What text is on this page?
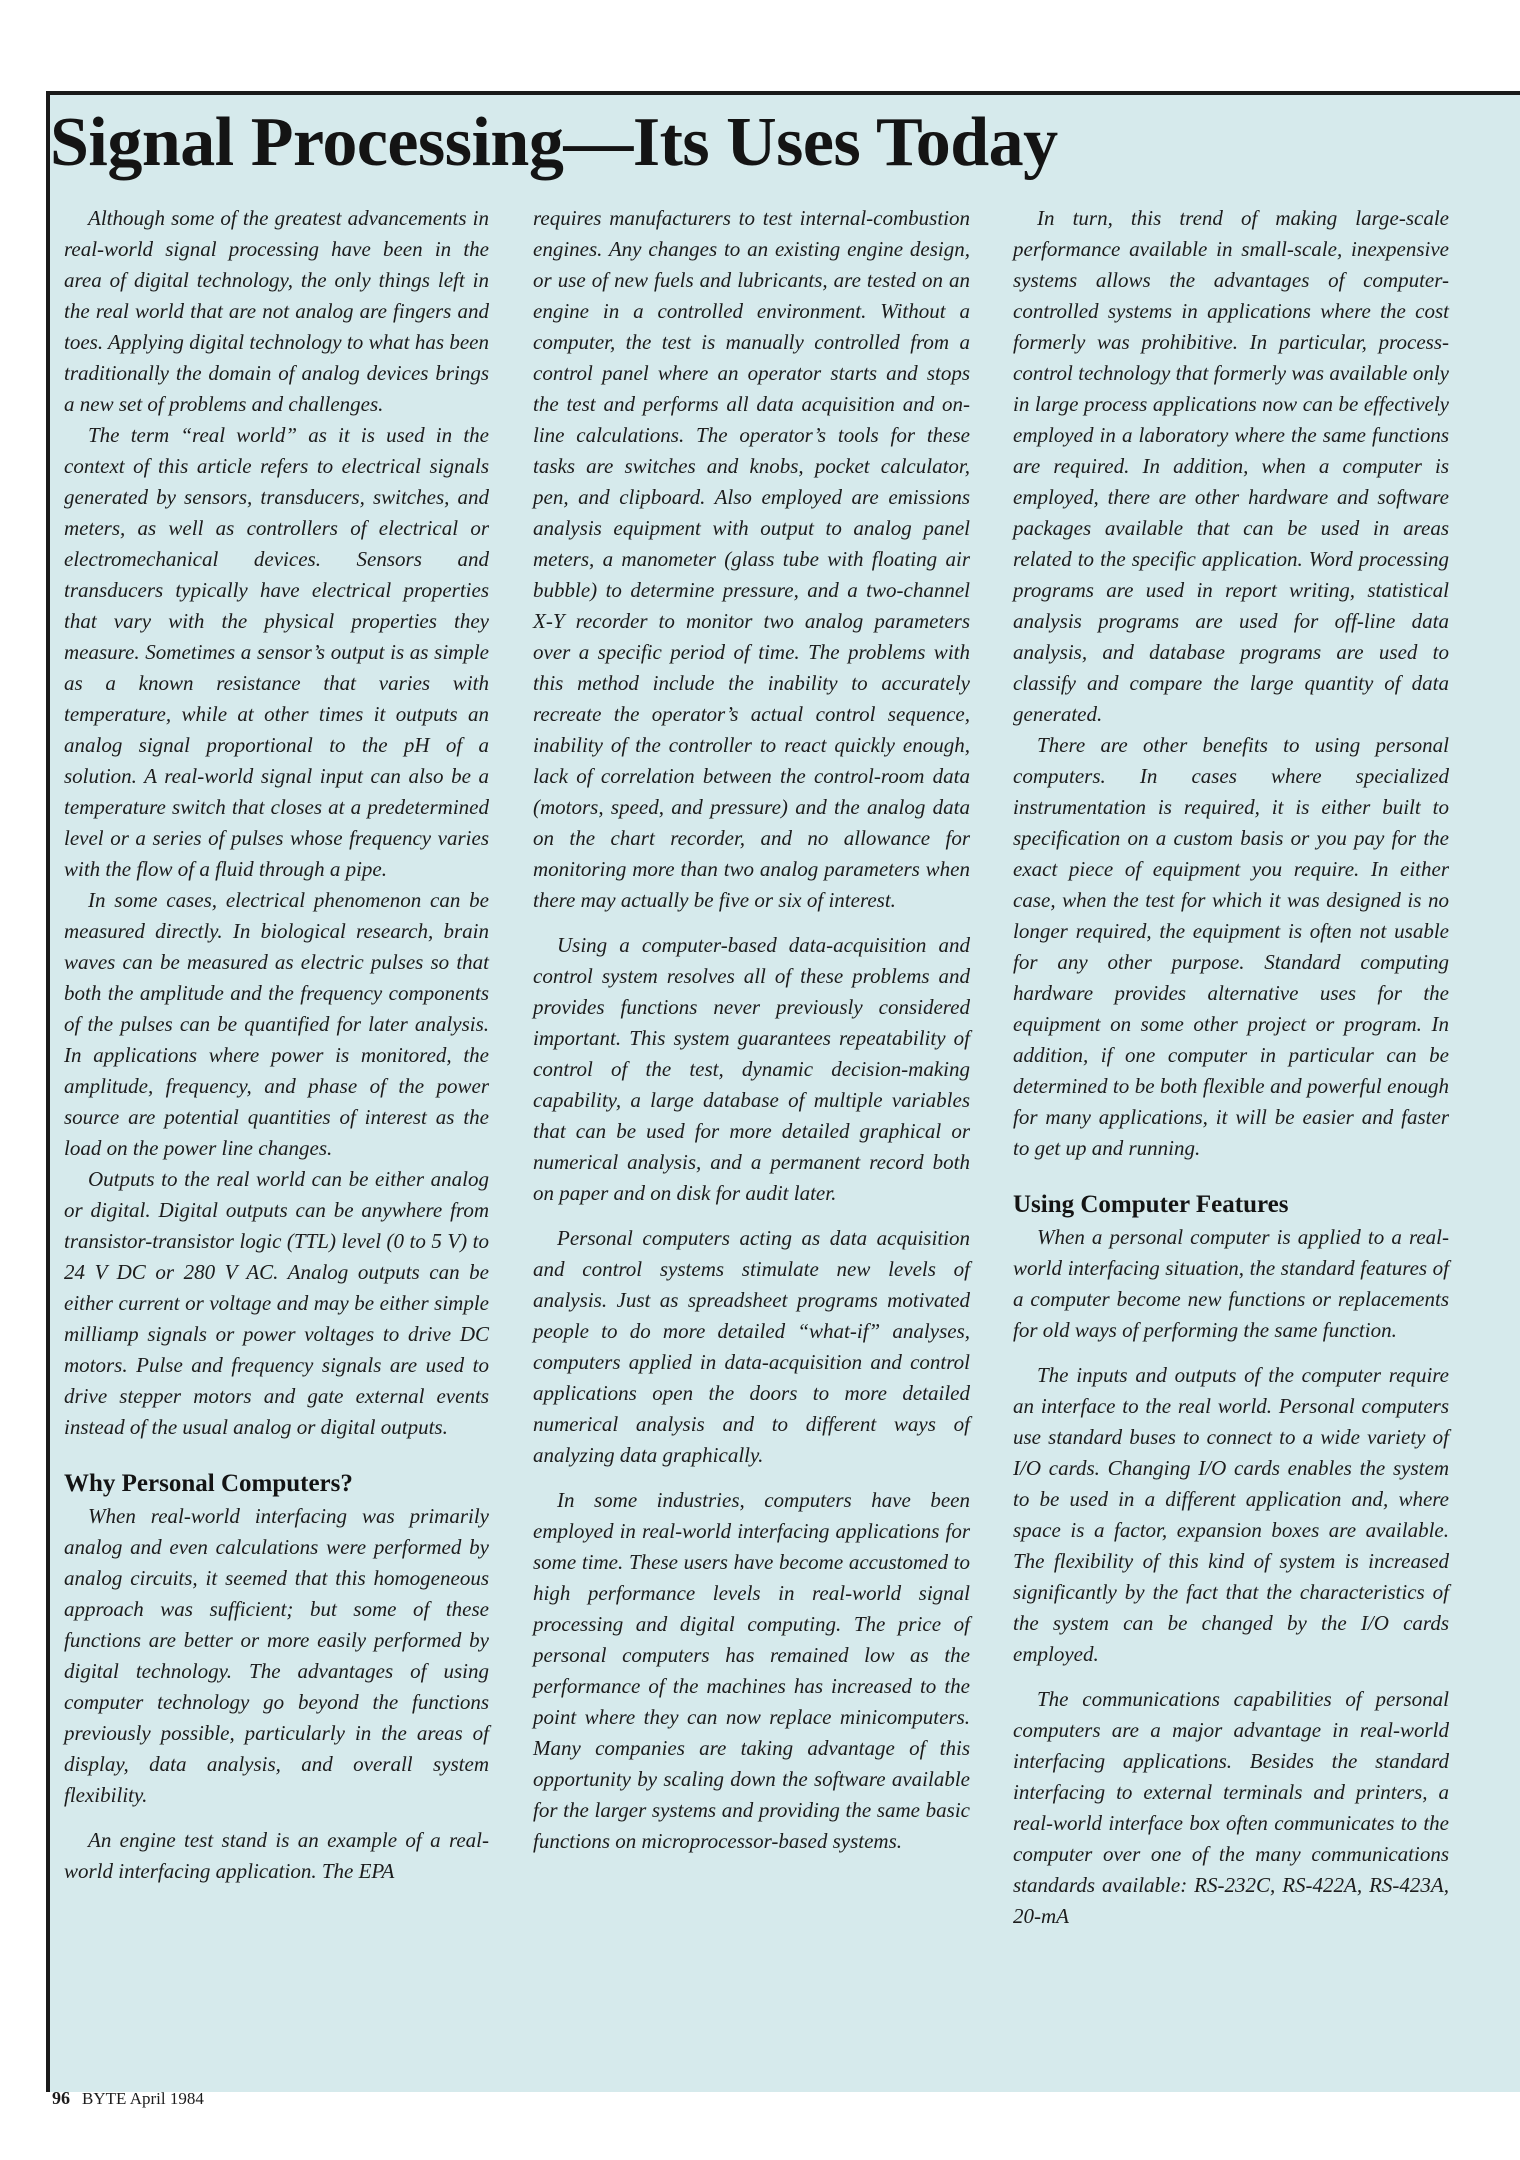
Signal Processing—Its Uses Today

Although some of the greatest advancements in real-world signal processing have been in the area of digital technology, the only things left in the real world that are not analog are fingers and toes. Applying digital technology to what has been traditionally the domain of analog devices brings a new set of problems and challenges.

The term “real world” as it is used in the context of this article refers to electrical signals generated by sensors, transducers, switches, and meters, as well as controllers of electrical or electromechanical devices. Sensors and transducers typically have electrical properties that vary with the physical properties they measure. Sometimes a sensor’s output is as simple as a known resistance that varies with temperature, while at other times it outputs an analog signal proportional to the pH of a solution. A real-world signal input can also be a temperature switch that closes at a predetermined level or a series of pulses whose frequency varies with the flow of a fluid through a pipe.

In some cases, electrical phenomenon can be measured directly. In biological research, brain waves can be measured as electric pulses so that both the amplitude and the frequency components of the pulses can be quantified for later analysis. In applications where power is monitored, the amplitude, frequency, and phase of the power source are potential quantities of interest as the load on the power line changes.

Outputs to the real world can be either analog or digital. Digital outputs can be anywhere from transistor-transistor logic (TTL) level (0 to 5 V) to 24 V DC or 280 V AC. Analog outputs can be either current or voltage and may be either simple milliamp signals or power voltages to drive DC motors. Pulse and frequency signals are used to drive stepper motors and gate external events instead of the usual analog or digital outputs.

Why Personal Computers?

When real-world interfacing was primarily analog and even calculations were performed by analog circuits, it seemed that this homogeneous approach was sufficient; but some of these functions are better or more easily performed by digital technology. The advantages of using computer technology go beyond the functions previously possible, particularly in the areas of display, data analysis, and overall system flexibility.

An engine test stand is an example of a real-world interfacing application. The EPA

requires manufacturers to test internal-combustion engines. Any changes to an existing engine design, or use of new fuels and lubricants, are tested on an engine in a controlled environment. Without a computer, the test is manually controlled from a control panel where an operator starts and stops the test and performs all data acquisition and on-line calculations. The operator’s tools for these tasks are switches and knobs, pocket calculator, pen, and clipboard. Also employed are emissions analysis equipment with output to analog panel meters, a manometer (glass tube with floating air bubble) to determine pressure, and a two-channel X-Y recorder to monitor two analog parameters over a specific period of time. The problems with this method include the inability to accurately recreate the operator’s actual control sequence, inability of the controller to react quickly enough, lack of correlation between the control-room data (motors, speed, and pressure) and the analog data on the chart recorder, and no allowance for monitoring more than two analog parameters when there may actually be five or six of interest.

Using a computer-based data-acquisition and control system resolves all of these problems and provides functions never previously considered important. This system guarantees repeatability of control of the test, dynamic decision-making capability, a large database of multiple variables that can be used for more detailed graphical or numerical analysis, and a permanent record both on paper and on disk for audit later.

Personal computers acting as data acquisition and control systems stimulate new levels of analysis. Just as spreadsheet programs motivated people to do more detailed “what-if” analyses, computers applied in data-acquisition and control applications open the doors to more detailed numerical analysis and to different ways of analyzing data graphically.

In some industries, computers have been employed in real-world interfacing applications for some time. These users have become accustomed to high performance levels in real-world signal processing and digital computing. The price of personal computers has remained low as the performance of the machines has increased to the point where they can now replace minicomputers. Many companies are taking advantage of this opportunity by scaling down the software available for the larger systems and providing the same basic functions on microprocessor-based systems.

In turn, this trend of making large-scale performance available in small-scale, inexpensive systems allows the advantages of computer-controlled systems in applications where the cost formerly was prohibitive. In particular, process-control technology that formerly was available only in large process applications now can be effectively employed in a laboratory where the same functions are required. In addition, when a computer is employed, there are other hardware and software packages available that can be used in areas related to the specific application. Word processing programs are used in report writing, statistical analysis programs are used for off-line data analysis, and database programs are used to classify and compare the large quantity of data generated.

There are other benefits to using personal computers. In cases where specialized instrumentation is required, it is either built to specification on a custom basis or you pay for the exact piece of equipment you require. In either case, when the test for which it was designed is no longer required, the equipment is often not usable for any other purpose. Standard computing hardware provides alternative uses for the equipment on some other project or program. In addition, if one computer in particular can be determined to be both flexible and powerful enough for many applications, it will be easier and faster to get up and running.

Using Computer Features

When a personal computer is applied to a real-world interfacing situation, the standard features of a computer become new functions or replacements for old ways of performing the same function.

The inputs and outputs of the computer require an interface to the real world. Personal computers use standard buses to connect to a wide variety of I/O cards. Changing I/O cards enables the system to be used in a different application and, where space is a factor, expansion boxes are available. The flexibility of this kind of system is increased significantly by the fact that the characteristics of the system can be changed by the I/O cards employed.

The communications capabilities of personal computers are a major advantage in real-world interfacing applications. Besides the standard interfacing to external terminals and printers, a real-world interface box often communicates to the computer over one of the many communications standards available: RS-232C, RS-422A, RS-423A, 20-mA

96 BYTE April 1984
